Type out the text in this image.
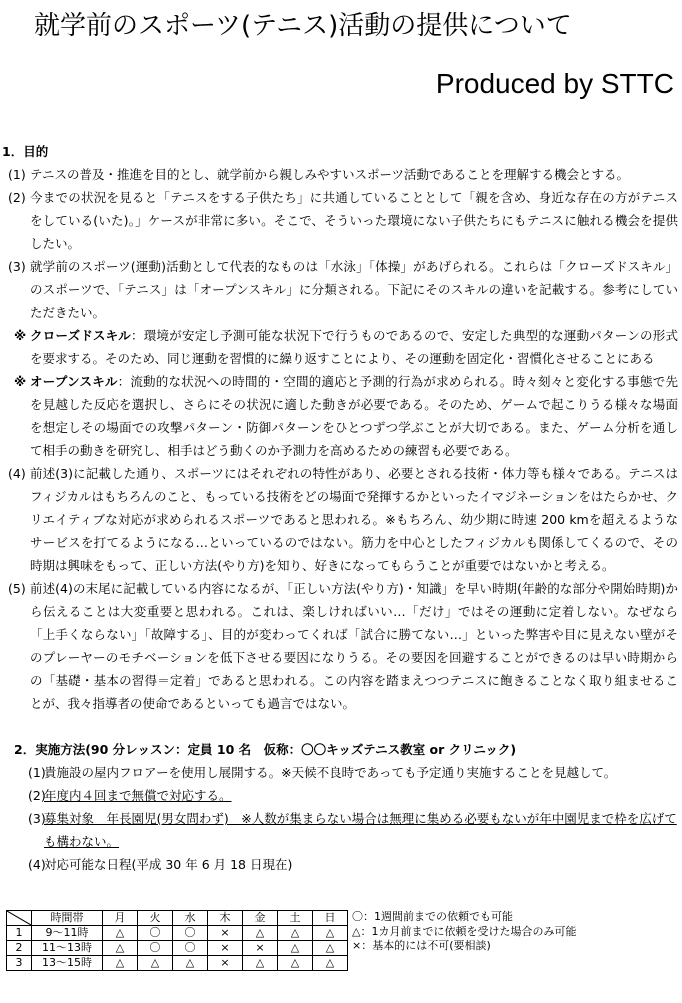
就学前のスポーツ(テニス)活動の提供について
Produced by STTC
1．目的
(1) テニスの普及・推進を目的とし、就学前から親しみやすいスポーツ活動であることを理解する機会とする。
(2) 今までの状況を見ると「テニスをする子供たち」に共通していることとして「親を含め、身近な存在の方がテニスをしている(いた)。」ケースが非常に多い。そこで、そういった環境にない子供たちにもテニスに触れる機会を提供したい。
(3) 就学前のスポーツ(運動)活動として代表的なものは「水泳」「体操」があげられる。これらは「クローズドスキル」のスポーツで、「テニス」は「オープンスキル」に分類される。下記にそのスキルの違いを記載する。参考にしていただきたい。
※ クローズドスキル：環境が安定し予測可能な状況下で行うものであるので、安定した典型的な運動パターンの形式を要求する。そのため、同じ運動を習慣的に繰り返すことにより、その運動を固定化・習慣化させることにある
※ オープンスキル：流動的な状況への時間的・空間的適応と予測的行為が求められる。時々刻々と変化する事態で先を見越した反応を選択し、さらにその状況に適した動きが必要である。そのため、ゲームで起こりうる様々な場面を想定しその場面での攻撃パターン・防御パターンをひとつずつ学ぶことが大切である。また、ゲーム分析を通して相手の動きを研究し、相手はどう動くのか予測力を高めるための練習も必要である。
(4) 前述(3)に記載した通り、スポーツにはそれぞれの特性があり、必要とされる技術・体力等も様々である。テニスはフィジカルはもちろんのこと、もっている技術をどの場面で発揮するかといったイマジネーションをはたらかせ、クリエイティブな対応が求められるスポーツであると思われる。※もちろん、幼少期に時速 200 kmを超えるようなサービスを打てるようになる…といっているのではない。筋力を中心としたフィジカルも関係してくるので、その時期は興味をもって、正しい方法(やり方)を知り、好きになってもらうことが重要ではないかと考える。
(5) 前述(4)の末尾に記載している内容になるが、「正しい方法(やり方)・知識」を早い時期(年齢的な部分や開始時期)から伝えることは大変重要と思われる。これは、楽しければいい…「だけ」ではその運動に定着しない。なぜなら「上手くならない」「故障する」、目的が変わってくれば「試合に勝てない…」といった弊害や目に見えない壁がそのプレーヤーのモチベーションを低下させる要因になりうる。その要因を回避することができるのは早い時期からの「基礎・基本の習得＝定着」であると思われる。この内容を踏まえつつテニスに飽きることなく取り組ませることが、我々指導者の使命であるといっても過言ではない。
2．実施方法(90 分レッスン：定員 10 名　仮称：〇〇キッズテニス教室 or クリニック)
(1)
貴施設の屋内フロアーを使用し展開する。※天候不良時であっても予定通り実施することを見越して。
(2)
年度内４回まで無償で対応する。
(3)
募集対象　年長園児(男女問わず)　※人数が集まらない場合は無理に集める必要もないが年中園児まで枠を広げても構わない。
(4)
対応可能な日程(平成 30 年 6 月 18 日現在)
	時間帯	月	火	水	木	金	土	日
1	9～11時	△	〇	〇	×	△	△	△
2	11～13時	△	〇	〇	×	×	△	△
3	13～15時	△	△	△	×	△	△	△
〇：1週間前までの依頼でも可能
△：1カ月前までに依頼を受けた場合のみ可能
×：基本的には不可(要相談)
